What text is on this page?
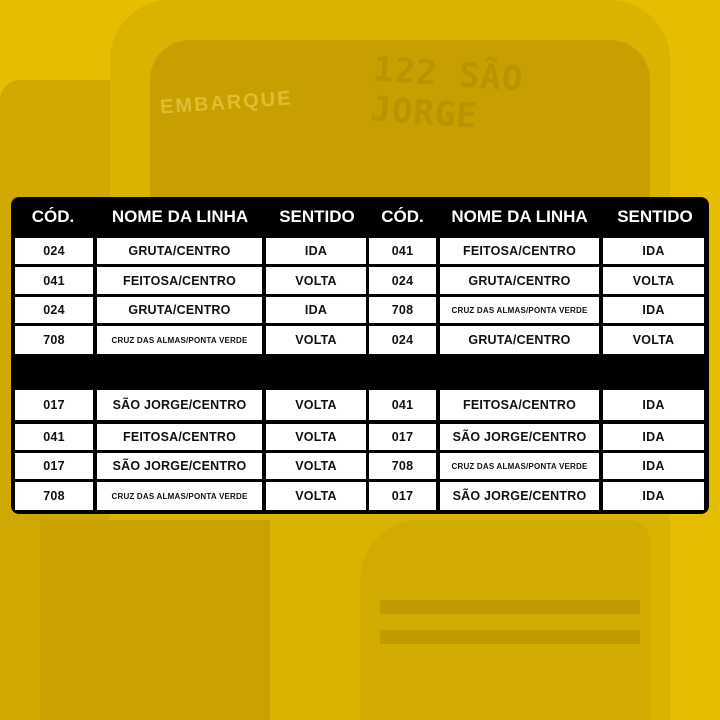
122 SÃO JORGE
EMBARQUE
CÓD.	NOME DA LINHA	SENTIDO	CÓD.	NOME DA LINHA	SENTIDO
024	GRUTA/CENTRO	IDA	041	FEITOSA/CENTRO	IDA
041	FEITOSA/CENTRO	VOLTA	024	GRUTA/CENTRO	VOLTA
024	GRUTA/CENTRO	IDA	708	CRUZ DAS ALMAS/PONTA VERDE	IDA
708	CRUZ DAS ALMAS/PONTA VERDE	VOLTA	024	GRUTA/CENTRO	VOLTA
017	SÃO JORGE/CENTRO	VOLTA	041	FEITOSA/CENTRO	IDA
041	FEITOSA/CENTRO	VOLTA	017	SÃO JORGE/CENTRO	IDA
017	SÃO JORGE/CENTRO	VOLTA	708	CRUZ DAS ALMAS/PONTA VERDE	IDA
708	CRUZ DAS ALMAS/PONTA VERDE	VOLTA	017	SÃO JORGE/CENTRO	IDA
